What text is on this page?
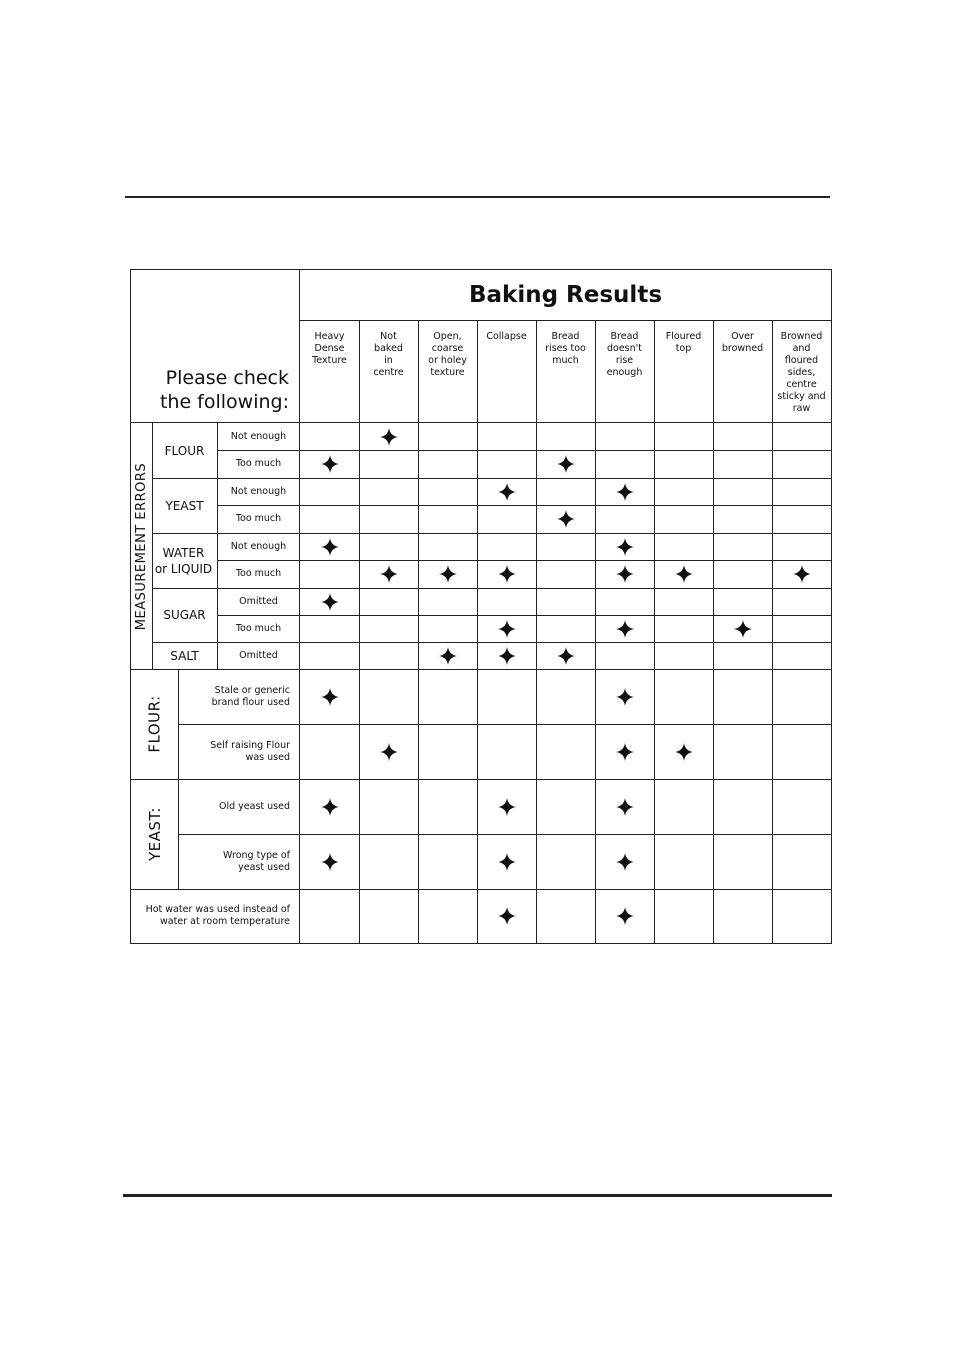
Baking Results
Please check
the following:
MEASUREMENT ERRORS
FLOUR:
YEAST:
FLOUR
YEAST
WATER
or LIQUID
SUGAR
SALT
Heavy
Dense
Texture
Not
baked
in
centre
Open,
coarse
or holey
texture
Collapse	Bread
rises too
much
Bread
doesn't
rise
enough
Floured
top
Over
browned
Browned
and
floured
sides,
centre
sticky and
raw
Not enough
Too much
Not enough
Too much
Not enough
Too much
Omitted
Too much
Omitted
Stale or generic
brand flour used
Self raising Flour
was used
Old yeast used
Wrong type of
yeast used
Hot water was used instead of
water at room temperature
